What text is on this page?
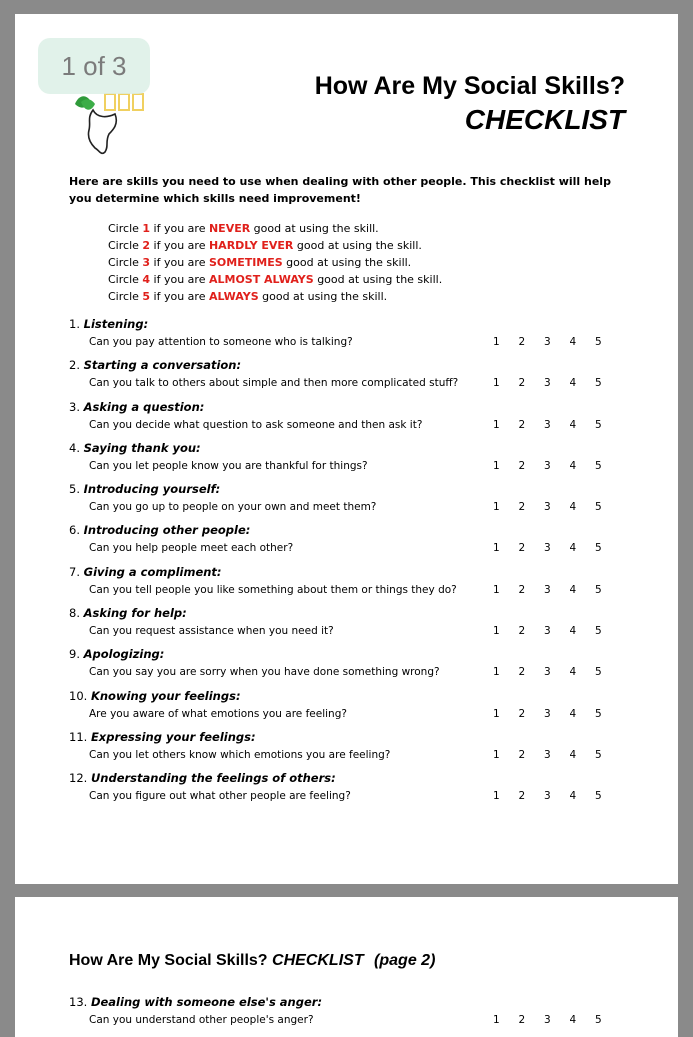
1 of 3
How Are My Social Skills?
CHECKLIST
Here are skills you need to use when dealing with other people. This checklist will help you determine which skills need improvement!
Circle 1 if you are NEVER good at using the skill.
Circle 2 if you are HARDLY EVER good at using the skill.
Circle 3 if you are SOMETIMES good at using the skill.
Circle 4 if you are ALMOST ALWAYS good at using the skill.
Circle 5 if you are ALWAYS good at using the skill.
1. Listening:
Can you pay attention to someone who is talking?	1	2	3	4	5
2. Starting a conversation:
Can you talk to others about simple and then more complicated stuff?	1	2	3	4	5
3. Asking a question:
Can you decide what question to ask someone and then ask it?	1	2	3	4	5
4. Saying thank you:
Can you let people know you are thankful for things?	1	2	3	4	5
5. Introducing yourself:
Can you go up to people on your own and meet them?	1	2	3	4	5
6. Introducing other people:
Can you help people meet each other?	1	2	3	4	5
7. Giving a compliment:
Can you tell people you like something about them or things they do?	1	2	3	4	5
8. Asking for help:
Can you request assistance when you need it?	1	2	3	4	5
9. Apologizing:
Can you say you are sorry when you have done something wrong?	1	2	3	4	5
10. Knowing your feelings:
Are you aware of what emotions you are feeling?	1	2	3	4	5
11. Expressing your feelings:
Can you let others know which emotions you are feeling?	1	2	3	4	5
12. Understanding the feelings of others:
Can you figure out what other people are feeling?	1	2	3	4	5
How Are My Social Skills? CHECKLIST (page 2)
13. Dealing with someone else's anger:
Can you understand other people's anger?	1	2	3	4	5
